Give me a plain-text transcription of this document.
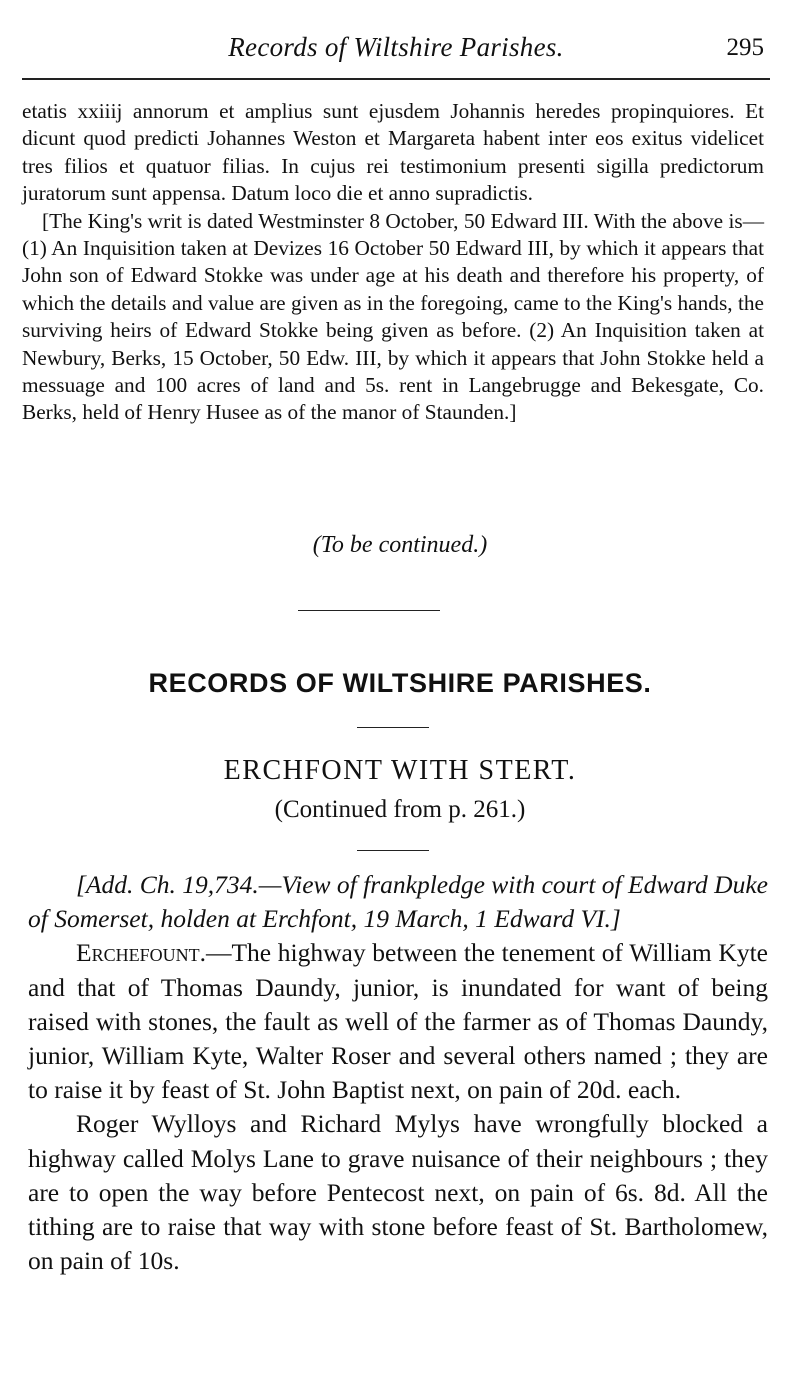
Records of Wiltshire Parishes.	295

etatis xxiiij annorum et amplius sunt ejusdem Johannis heredes propinquiores. Et dicunt quod predicti Johannes Weston et Margareta habent inter eos exitus videlicet tres filios et quatuor filias. In cujus rei testimonium presenti sigilla predictorum juratorum sunt appensa. Datum loco die et anno supradictis.

[The King's writ is dated Westminster 8 October, 50 Edward III. With the above is—(1) An Inquisition taken at Devizes 16 October 50 Edward III, by which it appears that John son of Edward Stokke was under age at his death and therefore his property, of which the details and value are given as in the foregoing, came to the King's hands, the surviving heirs of Edward Stokke being given as before. (2) An Inquisition taken at Newbury, Berks, 15 October, 50 Edw. III, by which it appears that John Stokke held a messuage and 100 acres of land and 5s. rent in Langebrugge and Bekesgate, Co. Berks, held of Henry Husee as of the manor of Staunden.]

(To be continued.)
RECORDS OF WILTSHIRE PARISHES.
ERCHFONT WITH STERT.
(Continued from p. 261.)

[Add. Ch. 19,734.—View of frankpledge with court of Edward Duke of Somerset, holden at Erchfont, 19 March, 1 Edward VI.]

Erchefount.—The highway between the tenement of William Kyte and that of Thomas Daundy, junior, is inundated for want of being raised with stones, the fault as well of the farmer as of Thomas Daundy, junior, William Kyte, Walter Roser and several others named ; they are to raise it by feast of St. John Baptist next, on pain of 20d. each.

Roger Wylloys and Richard Mylys have wrongfully blocked a highway called Molys Lane to grave nuisance of their neighbours ; they are to open the way before Pentecost next, on pain of 6s. 8d. All the tithing are to raise that way with stone before feast of St. Bartholomew, on pain of 10s.
